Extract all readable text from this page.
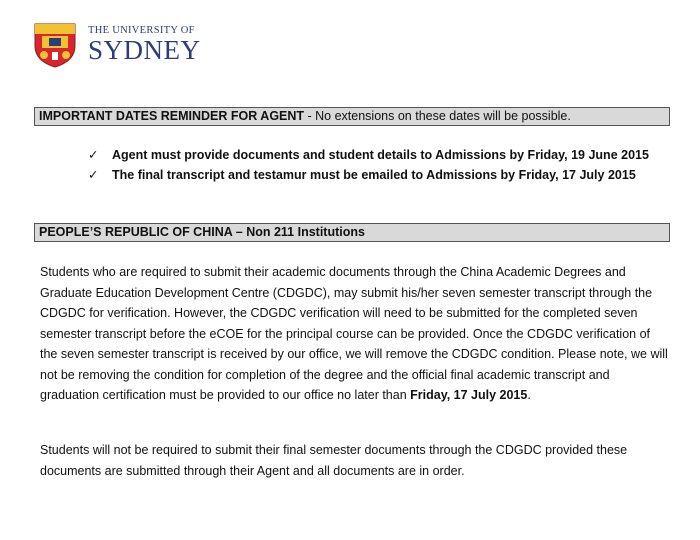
THE UNIVERSITY OF
SYDNEY
IMPORTANT DATES REMINDER FOR AGENT - No extensions on these dates will be possible.
✓	Agent must provide documents and student details to Admissions by Friday, 19 June 2015
✓	The final transcript and testamur must be emailed to Admissions by Friday, 17 July 2015
PEOPLE’S REPUBLIC OF CHINA – Non 211 Institutions

Students who are required to submit their academic documents through the China Academic Degrees and Graduate Education Development Centre (CDGDC), may submit his/her seven semester transcript through the CDGDC for verification. However, the CDGDC verification will need to be submitted for the completed seven semester transcript before the eCOE for the principal course can be provided. Once the CDGDC verification of the seven semester transcript is received by our office, we will remove the CDGDC condition. Please note, we will not be removing the condition for completion of the degree and the official final academic transcript and graduation certification must be provided to our office no later than Friday, 17 July 2015.

Students will not be required to submit their final semester documents through the CDGDC provided these documents are submitted through their Agent and all documents are in order.
